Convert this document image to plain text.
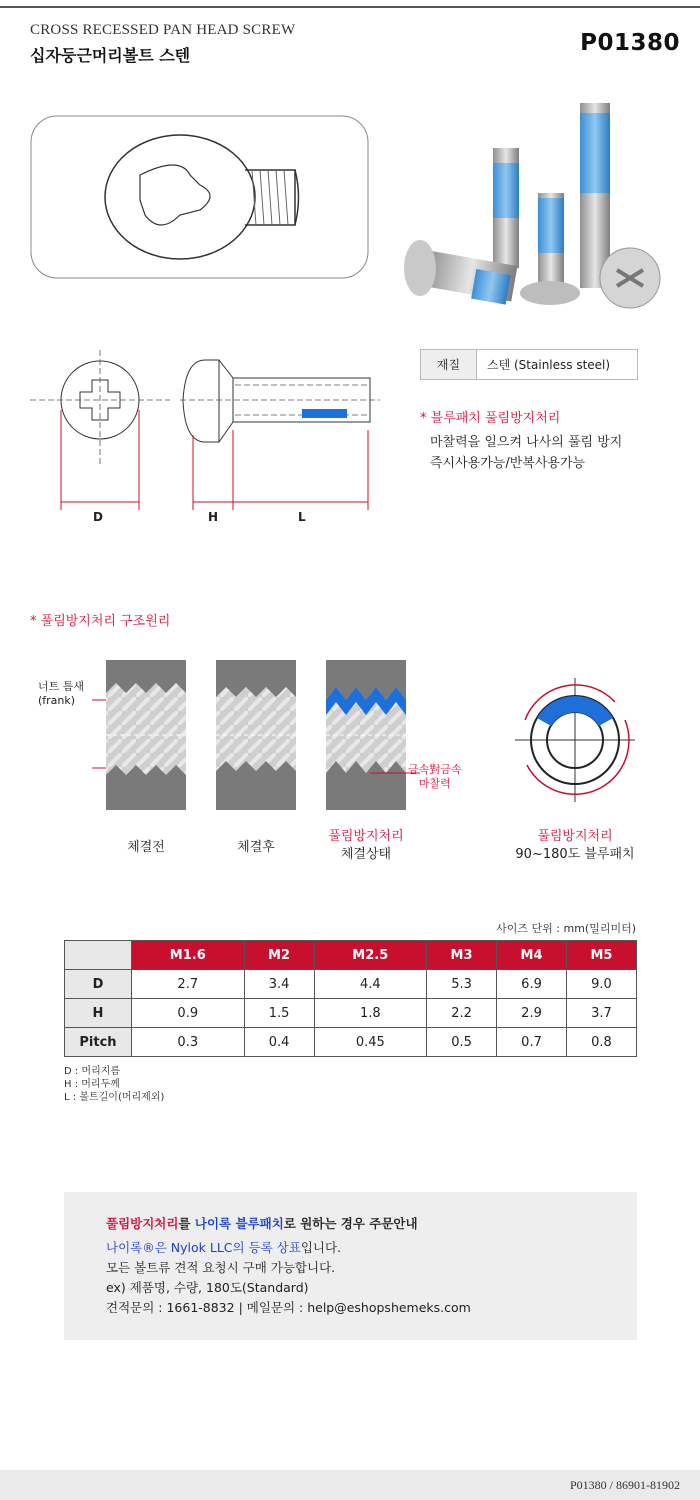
CROSS RECESSED PAN HEAD SCREW
십자둥근머리볼트 스텐	P01380
D	H	L
재질	스텐 (Stainless steel)
* 블루패치 풀림방지처리
마찰력을 일으켜 나사의 풀림 방지
즉시사용가능/반복사용가능
* 풀림방지처리 구조원리
너트 틈새
(frank)
금속對금속
마찰력
체결전	체결후
풀림방지처리
체결상태
풀림방지처리
90~180도 블루패치
사이즈 단위 : mm(밀리미터)
	M1.6	M2	M2.5	M3	M4	M5
D	2.7	3.4	4.4	5.3	6.9	9.0
H	0.9	1.5	1.8	2.2	2.9	3.7
Pitch	0.3	0.4	0.45	0.5	0.7	0.8
D : 머리지름
H : 머리두께
L : 볼트길이(머리제외)
풀림방지처리를 나이록 블루패치로 원하는 경우 주문안내
나이록®은 Nylok LLC의 등록 상표입니다.
모든 볼트류 견적 요청시 구매 가능합니다.
ex) 제품명, 수량, 180도(Standard)
견적문의 : 1661-8832 | 메일문의 : help@eshopshemeks.com
P01380 / 86901-81902
